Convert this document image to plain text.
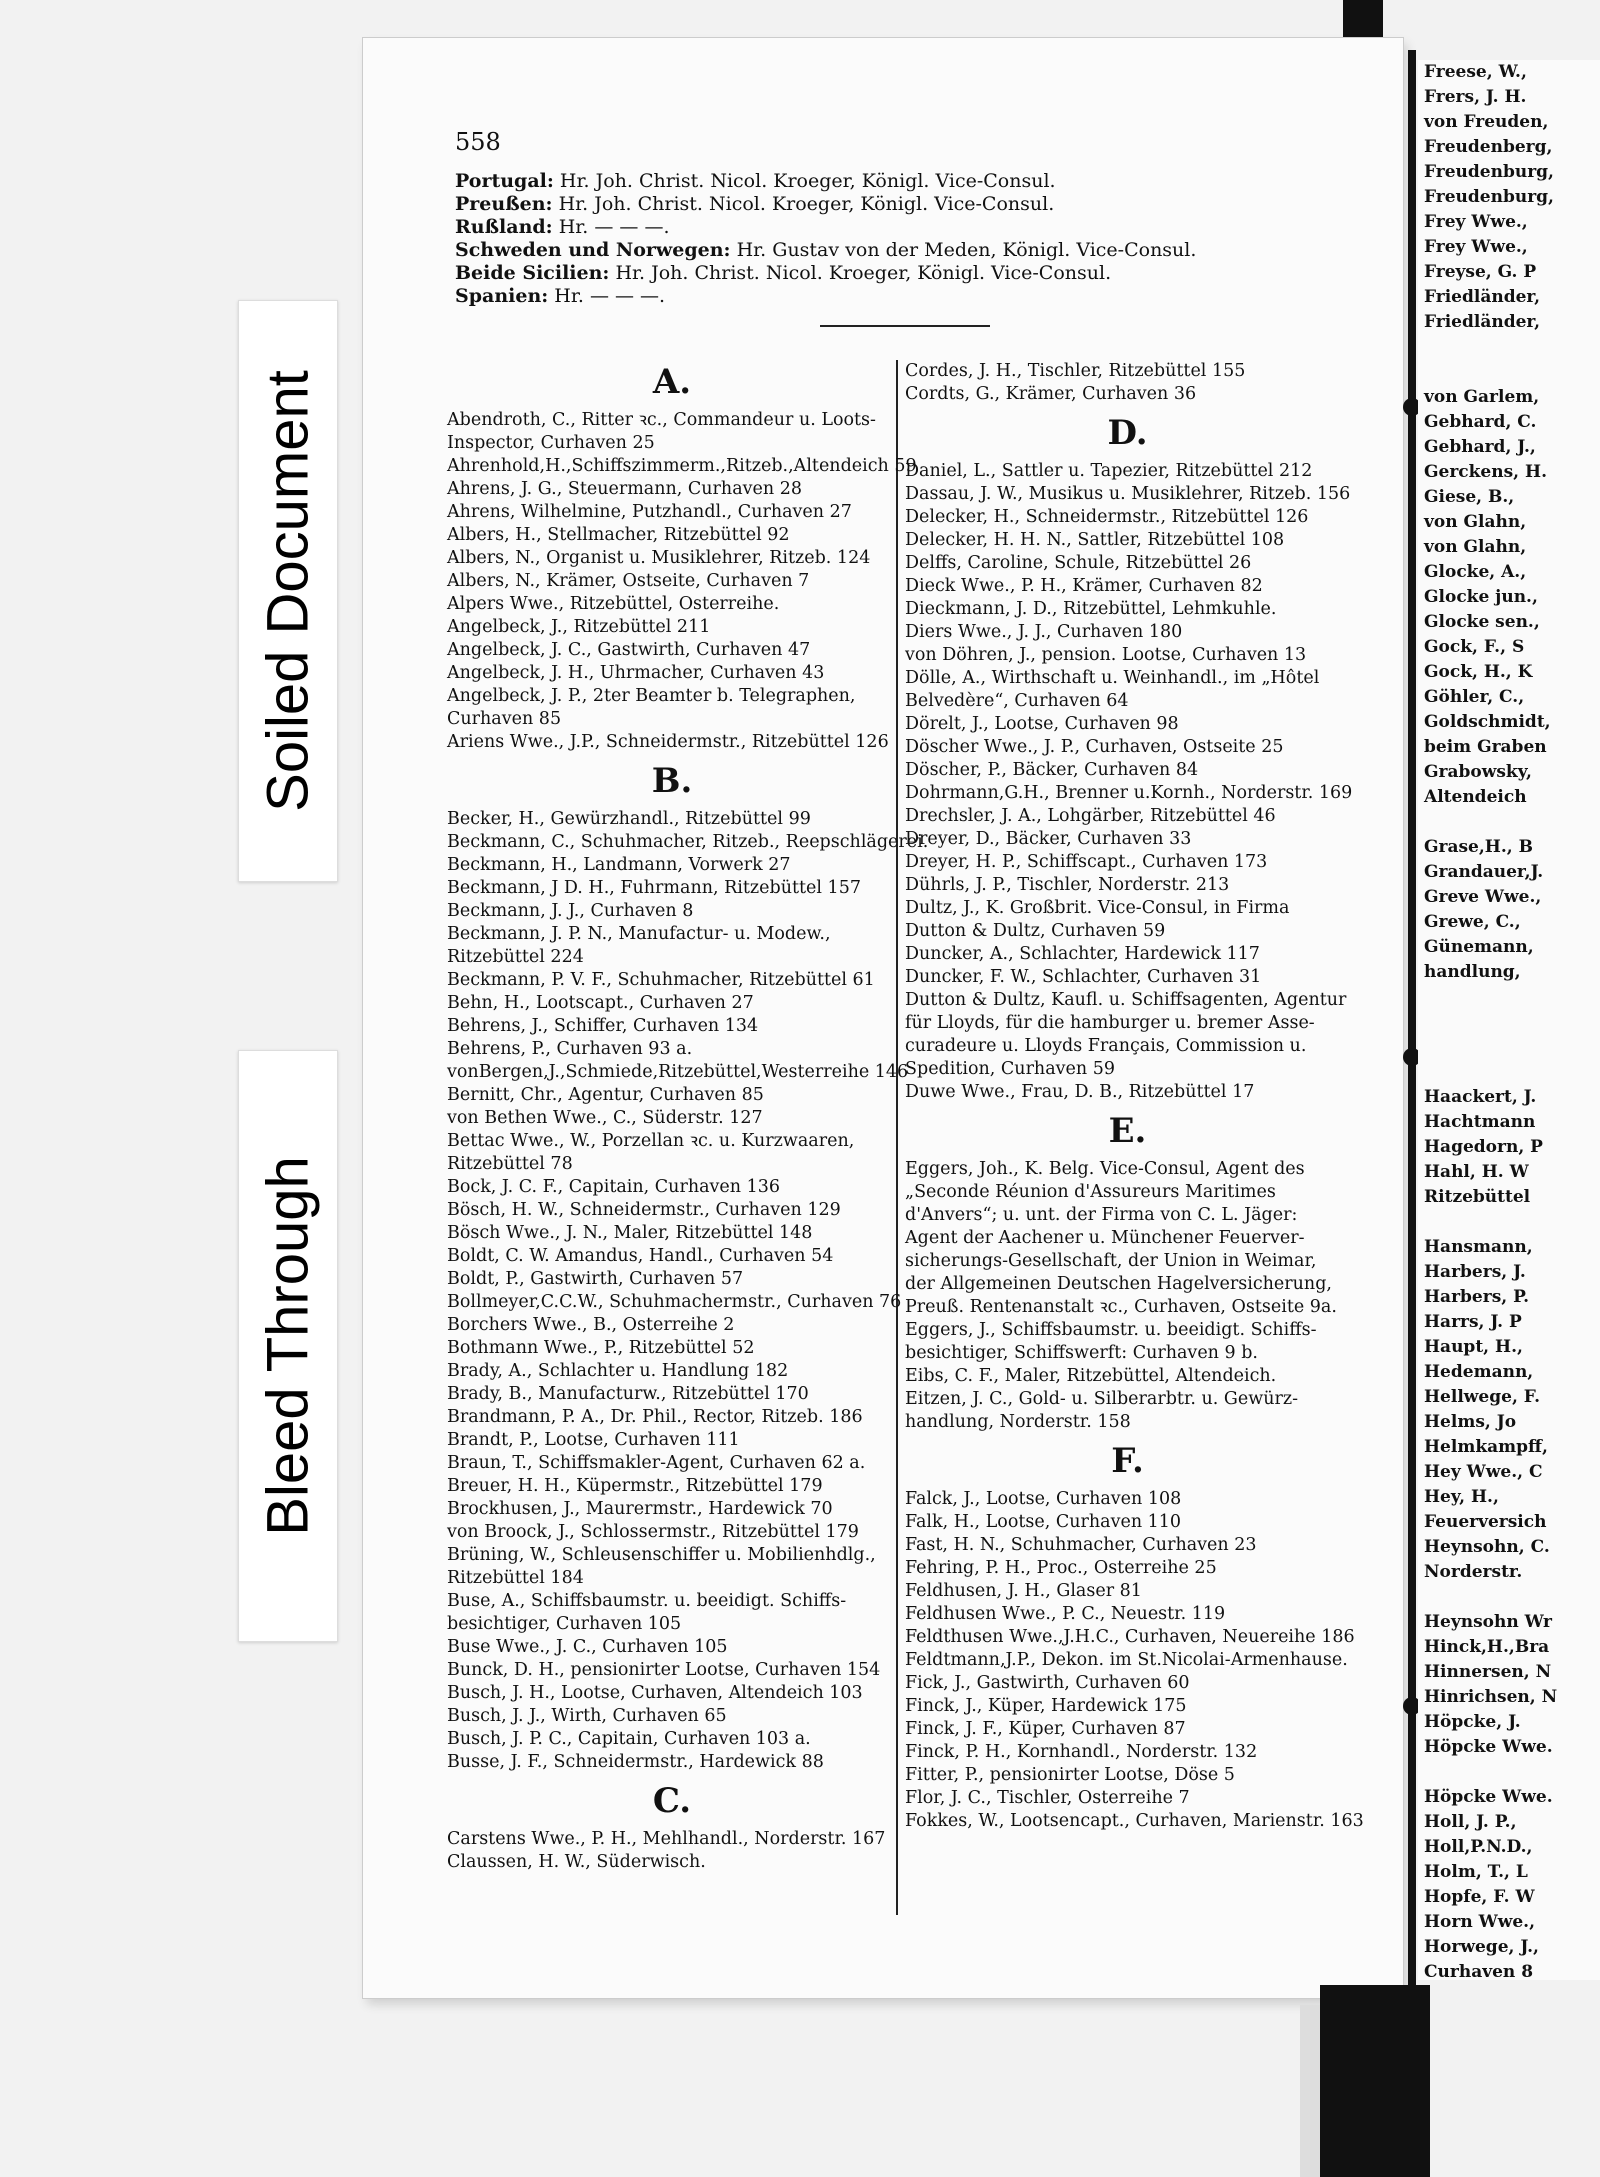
Soiled Document
Bleed Through
558
Portugal: Hr. Joh. Christ. Nicol. Kroeger, Königl. Vice-Consul.
Preußen: Hr. Joh. Christ. Nicol. Kroeger, Königl. Vice-Consul.
Rußland: Hr. — — —.
Schweden und Norwegen: Hr. Gustav von der Meden, Königl. Vice-Consul.
Beide Sicilien: Hr. Joh. Christ. Nicol. Kroeger, Königl. Vice-Consul.
Spanien: Hr. — — —.
A.
Abendroth, C., Ritter ꝛc., Commandeur u. Loots-
Inspector, Curhaven 25
Ahrenhold,H.,Schiffszimmerm.,Ritzeb.,Altendeich 59
Ahrens, J. G., Steuermann, Curhaven 28
Ahrens, Wilhelmine, Putzhandl., Curhaven 27
Albers, H., Stellmacher, Ritzebüttel 92
Albers, N., Organist u. Musiklehrer, Ritzeb. 124
Albers, N., Krämer, Ostseite, Curhaven 7
Alpers Wwe., Ritzebüttel, Osterreihe.
Angelbeck, J., Ritzebüttel 211
Angelbeck, J. C., Gastwirth, Curhaven 47
Angelbeck, J. H., Uhrmacher, Curhaven 43
Angelbeck, J. P., 2ter Beamter b. Telegraphen,
Curhaven 85
Ariens Wwe., J.P., Schneidermstr., Ritzebüttel 126
B.
Becker, H., Gewürzhandl., Ritzebüttel 99
Beckmann, C., Schuhmacher, Ritzeb., Reepschlägerei.
Beckmann, H., Landmann, Vorwerk 27
Beckmann, J D. H., Fuhrmann, Ritzebüttel 157
Beckmann, J. J., Curhaven 8
Beckmann, J. P. N., Manufactur- u. Modew.,
Ritzebüttel 224
Beckmann, P. V. F., Schuhmacher, Ritzebüttel 61
Behn, H., Lootscapt., Curhaven 27
Behrens, J., Schiffer, Curhaven 134
Behrens, P., Curhaven 93 a.
vonBergen,J.,Schmiede,Ritzebüttel,Westerreihe 146
Bernitt, Chr., Agentur, Curhaven 85
von Bethen Wwe., C., Süderstr. 127
Bettac Wwe., W., Porzellan ꝛc. u. Kurzwaaren,
Ritzebüttel 78
Bock, J. C. F., Capitain, Curhaven 136
Bösch, H. W., Schneidermstr., Curhaven 129
Bösch Wwe., J. N., Maler, Ritzebüttel 148
Boldt, C. W. Amandus, Handl., Curhaven 54
Boldt, P., Gastwirth, Curhaven 57
Bollmeyer,C.C.W., Schuhmachermstr., Curhaven 76
Borchers Wwe., B., Osterreihe 2
Bothmann Wwe., P., Ritzebüttel 52
Brady, A., Schlachter u. Handlung 182
Brady, B., Manufacturw., Ritzebüttel 170
Brandmann, P. A., Dr. Phil., Rector, Ritzeb. 186
Brandt, P., Lootse, Curhaven 111
Braun, T., Schiffsmakler-Agent, Curhaven 62 a.
Breuer, H. H., Küpermstr., Ritzebüttel 179
Brockhusen, J., Maurermstr., Hardewick 70
von Broock, J., Schlossermstr., Ritzebüttel 179
Brüning, W., Schleusenschiffer u. Mobilienhdlg.,
Ritzebüttel 184
Buse, A., Schiffsbaumstr. u. beeidigt. Schiffs-
besichtiger, Curhaven 105
Buse Wwe., J. C., Curhaven 105
Bunck, D. H., pensionirter Lootse, Curhaven 154
Busch, J. H., Lootse, Curhaven, Altendeich 103
Busch, J. J., Wirth, Curhaven 65
Busch, J. P. C., Capitain, Curhaven 103 a.
Busse, J. F., Schneidermstr., Hardewick 88
C.
Carstens Wwe., P. H., Mehlhandl., Norderstr. 167
Claussen, H. W., Süderwisch.
Cordes, J. H., Tischler, Ritzebüttel 155
Cordts, G., Krämer, Curhaven 36
D.
Daniel, L., Sattler u. Tapezier, Ritzebüttel 212
Dassau, J. W., Musikus u. Musiklehrer, Ritzeb. 156
Delecker, H., Schneidermstr., Ritzebüttel 126
Delecker, H. H. N., Sattler, Ritzebüttel 108
Delffs, Caroline, Schule, Ritzebüttel 26
Dieck Wwe., P. H., Krämer, Curhaven 82
Dieckmann, J. D., Ritzebüttel, Lehmkuhle.
Diers Wwe., J. J., Curhaven 180
von Döhren, J., pension. Lootse, Curhaven 13
Dölle, A., Wirthschaft u. Weinhandl., im „Hôtel
Belvedère“, Curhaven 64
Dörelt, J., Lootse, Curhaven 98
Döscher Wwe., J. P., Curhaven, Ostseite 25
Döscher, P., Bäcker, Curhaven 84
Dohrmann,G.H., Brenner u.Kornh., Norderstr. 169
Drechsler, J. A., Lohgärber, Ritzebüttel 46
Dreyer, D., Bäcker, Curhaven 33
Dreyer, H. P., Schiffscapt., Curhaven 173
Dührls, J. P., Tischler, Norderstr. 213
Dultz, J., K. Großbrit. Vice-Consul, in Firma
Dutton & Dultz, Curhaven 59
Duncker, A., Schlachter, Hardewick 117
Duncker, F. W., Schlachter, Curhaven 31
Dutton & Dultz, Kaufl. u. Schiffsagenten, Agentur
für Lloyds, für die hamburger u. bremer Asse-
curadeure u. Lloyds Français, Commission u.
Spedition, Curhaven 59
Duwe Wwe., Frau, D. B., Ritzebüttel 17
E.
Eggers, Joh., K. Belg. Vice-Consul, Agent des
„Seconde Réunion d'Assureurs Maritimes
d'Anvers“; u. unt. der Firma von C. L. Jäger:
Agent der Aachener u. Münchener Feuerver-
sicherungs-Gesellschaft, der Union in Weimar,
der Allgemeinen Deutschen Hagelversicherung,
Preuß. Rentenanstalt ꝛc., Curhaven, Ostseite 9a.
Eggers, J., Schiffsbaumstr. u. beeidigt. Schiffs-
besichtiger, Schiffswerft: Curhaven 9 b.
Eibs, C. F., Maler, Ritzebüttel, Altendeich.
Eitzen, J. C., Gold- u. Silberarbtr. u. Gewürz-
handlung, Norderstr. 158
F.
Falck, J., Lootse, Curhaven 108
Falk, H., Lootse, Curhaven 110
Fast, H. N., Schuhmacher, Curhaven 23
Fehring, P. H., Proc., Osterreihe 25
Feldhusen, J. H., Glaser 81
Feldhusen Wwe., P. C., Neuestr. 119
Feldthusen Wwe.,J.H.C., Curhaven, Neuereihe 186
Feldtmann,J.P., Dekon. im St.Nicolai-Armenhause.
Fick, J., Gastwirth, Curhaven 60
Finck, J., Küper, Hardewick 175
Finck, J. F., Küper, Curhaven 87
Finck, P. H., Kornhandl., Norderstr. 132
Fitter, P., pensionirter Lootse, Döse 5
Flor, J. C., Tischler, Osterreihe 7
Fokkes, W., Lootsencapt., Curhaven, Marienstr. 163
Freese, W.,
Frers, J. H.
von Freuden,
Freudenberg,
Freudenburg,
Freudenburg,
Frey Wwe.,
Frey Wwe.,
Freyse, G. P
Friedländer,
Friedländer,

von Garlem,
Gebhard, C.
Gebhard, J.,
Gerckens, H.
Giese, B.,
von Glahn,
von Glahn,
Glocke, A.,
Glocke jun.,
Glocke sen.,
Gock, F., S
Gock, H., K
Göhler, C.,
Goldschmidt,
beim Graben
Grabowsky,
Altendeich

Grase,H., B
Grandauer,J.
Greve Wwe.,
Grewe, C.,
Günemann,
handlung,

Haackert, J.
Hachtmann
Hagedorn, P
Hahl, H. W
Ritzebüttel

Hansmann,
Harbers, J.
Harbers, P.
Harrs, J. P
Haupt, H.,
Hedemann,
Hellwege, F.
Helms, Jo
Helmkampff,
Hey Wwe., C
Hey, H.,
Feuerversich
Heynsohn, C.
Norderstr.

Heynsohn Wr
Hinck,H.,Bra
Hinnersen, N
Hinrichsen, N
Höpcke, J.
Höpcke Wwe.

Höpcke Wwe.
Holl, J. P.,
Holl,P.N.D.,
Holm, T., L
Hopfe, F. W
Horn Wwe.,
Horwege, J.,
Curhaven 8
